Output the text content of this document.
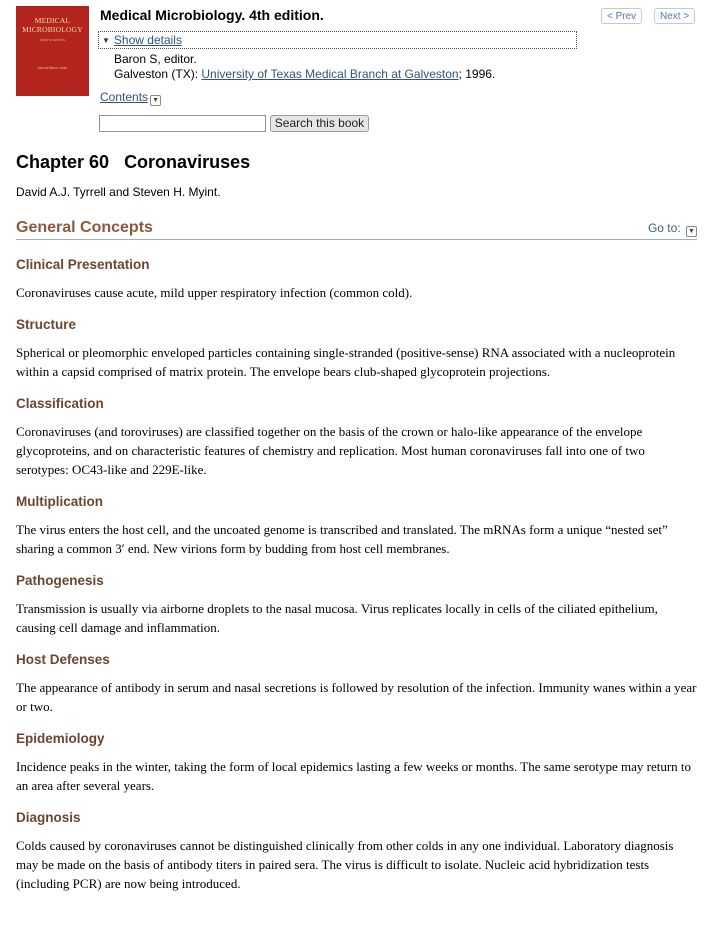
MEDICAL
MICROBIOLOGY
FOURTH EDITION
Samuel Baron, editor
Medical Microbiology. 4th edition.	< Prev	Next >
▼ Show details
Baron S, editor.
Galveston (TX): University of Texas Medical Branch at Galveston; 1996.
Contents ▼
Search this book
Chapter 60 Coronaviruses
David A.J. Tyrrell and Steven H. Myint.
General Concepts	Go to: ▼
Clinical Presentation

Coronaviruses cause acute, mild upper respiratory infection (common cold).

Structure

Spherical or pleomorphic enveloped particles containing single-stranded (positive-sense) RNA associated with a nucleoprotein within a capsid comprised of matrix protein. The envelope bears club-shaped glycoprotein projections.

Classification

Coronaviruses (and toroviruses) are classified together on the basis of the crown or halo-like appearance of the envelope glycoproteins, and on characteristic features of chemistry and replication. Most human coronaviruses fall into one of two serotypes: OC43-like and 229E-like.

Multiplication

The virus enters the host cell, and the uncoated genome is transcribed and translated. The mRNAs form a unique “nested set” sharing a common 3′ end. New virions form by budding from host cell membranes.

Pathogenesis

Transmission is usually via airborne droplets to the nasal mucosa. Virus replicates locally in cells of the ciliated epithelium, causing cell damage and inflammation.

Host Defenses

The appearance of antibody in serum and nasal secretions is followed by resolution of the infection. Immunity wanes within a year or two.

Epidemiology

Incidence peaks in the winter, taking the form of local epidemics lasting a few weeks or months. The same serotype may return to an area after several years.

Diagnosis

Colds caused by coronaviruses cannot be distinguished clinically from other colds in any one individual. Laboratory diagnosis may be made on the basis of antibody titers in paired sera. The virus is difficult to isolate. Nucleic acid hybridization tests (including PCR) are now being introduced.
